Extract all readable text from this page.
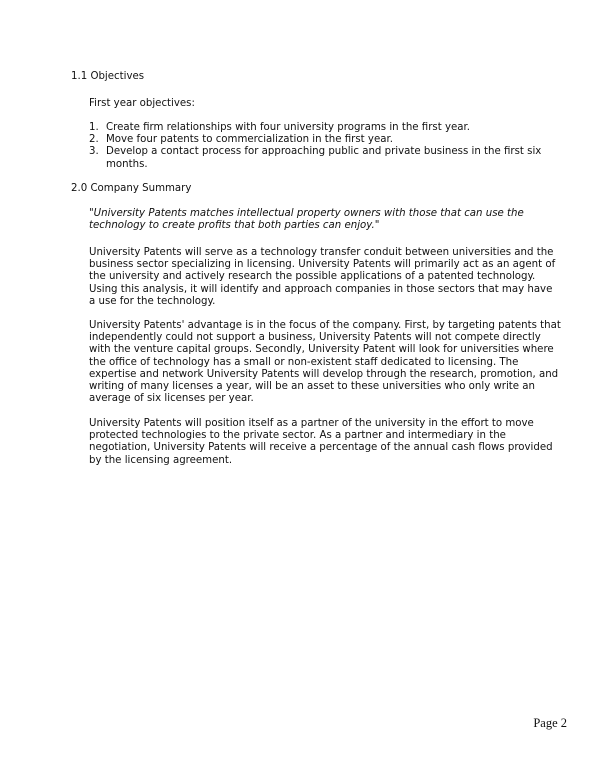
1.1 Objectives

First year objectives:

1. Create firm relationships with four university programs in the first year.
2. Move four patents to commercialization in the first year.
3. Develop a contact process for approaching public and private business in the first six months.
2.0 Company Summary

"University Patents matches intellectual property owners with those that can use the technology to create profits that both parties can enjoy."

University Patents will serve as a technology transfer conduit between universities and the business sector specializing in licensing. University Patents will primarily act as an agent of the university and actively research the possible applications of a patented technology. Using this analysis, it will identify and approach companies in those sectors that may have a use for the technology.

University Patents' advantage is in the focus of the company. First, by targeting patents that independently could not support a business, University Patents will not compete directly with the venture capital groups. Secondly, University Patent will look for universities where the office of technology has a small or non-existent staff dedicated to licensing. The expertise and network University Patents will develop through the research, promotion, and writing of many licenses a year, will be an asset to these universities who only write an average of six licenses per year.

University Patents will position itself as a partner of the university in the effort to move protected technologies to the private sector. As a partner and intermediary in the negotiation, University Patents will receive a percentage of the annual cash flows provided by the licensing agreement.

Page 2
